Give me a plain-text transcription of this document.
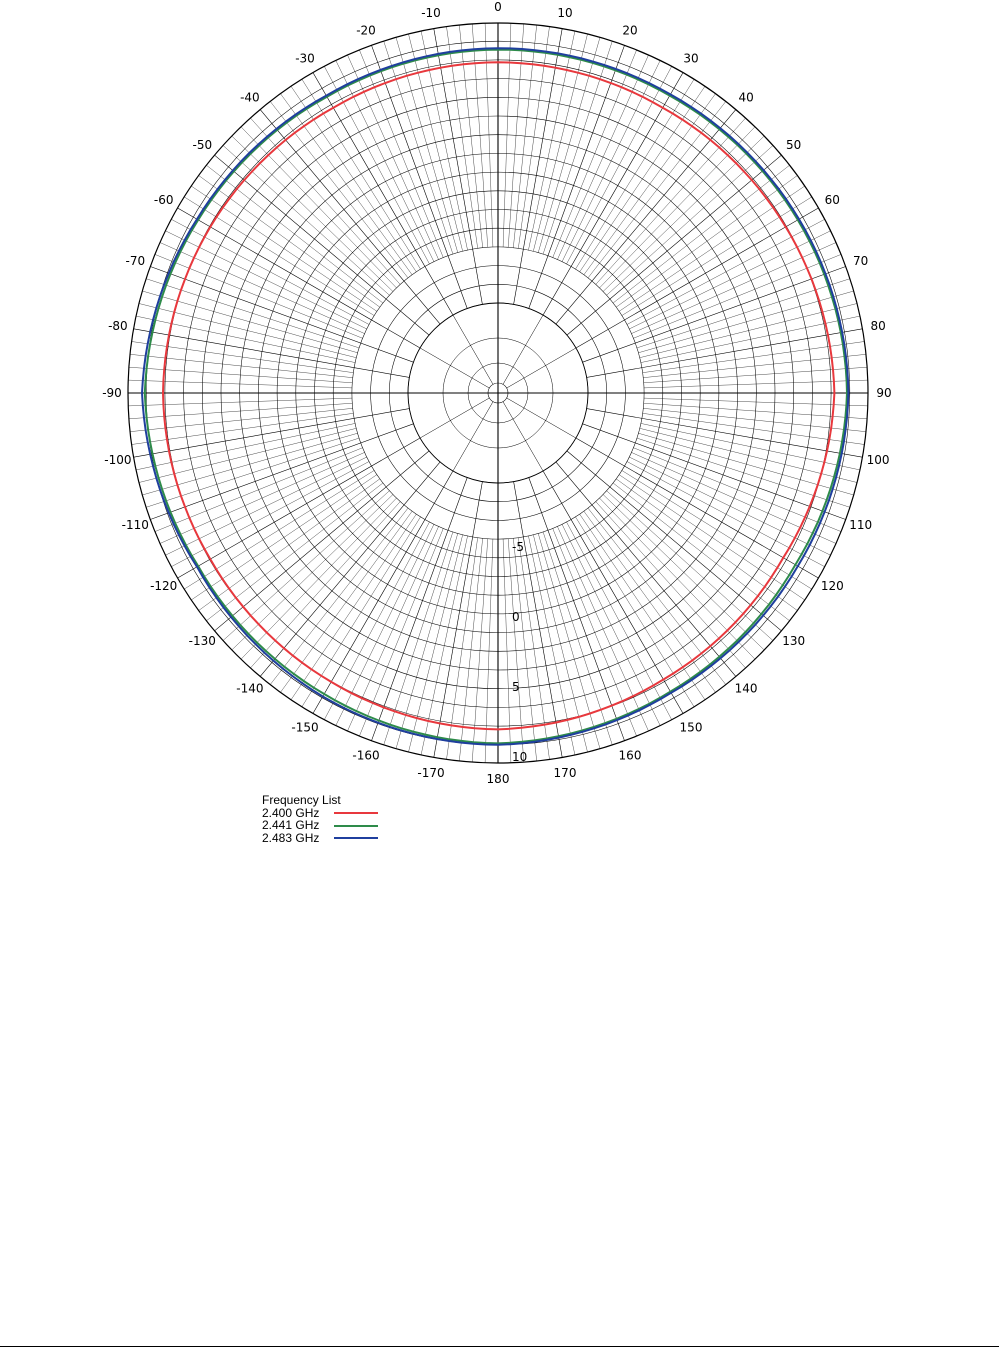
0	10
20
30
40
50
60
70
80
90
100
110
120
130
140
150
160
170
180
-170
-160
-150
-140
-130
-120
-110
-100
-90
-80
-70
-60
-50
-40
-30
-20
-10
-5
0
5
10
Frequency List
2.400 GHz
2.441 GHz
2.483 GHz
